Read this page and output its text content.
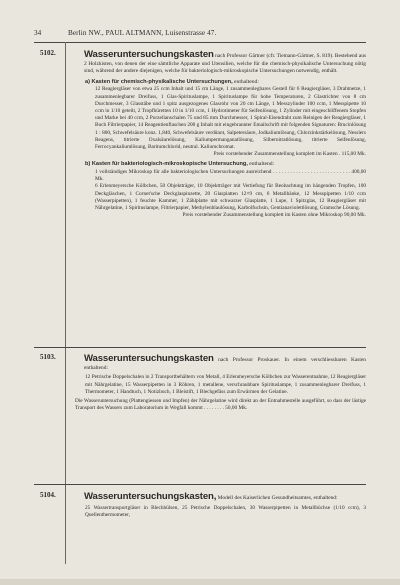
34	Berlin NW., PAUL ALTMANN, Luisenstrasse 47.
5102.	Wasseruntersuchungskasten nach Professor Gärtner (cfr. Tiemann-Gärtner, S. 819). Bestehend aus 2 Holzkisten, von denen der eine sämtliche Apparate und Utensilien, welche für die chemisch-physikalische Untersuchung nötig sind, während der andere diejenigen, welche für bakteriologisch-mikroskopische Untersuchungen notwendig, enthält.

a) Kasten für chemisch-physikalische Untersuchungen, enthaltend:

12 Reagiergläser von etwa 25 ccm Inhalt und 15 cm Länge, 1 zusammenlegbares Gestell für 6 Reagiergläser, 3 Drahtnetze, 1 zusammenlegbarer Dreifuss, 1 Glas-Spirituslampe, 1 Spirituslampe für hohe Temperaturen, 2 Glastrichter von 8 cm Durchmesser, 3 Glasstäbe und 1 spitz ausgezogenes Glasrohr von 20 cm Länge, 1 Messzylinder 100 ccm, 1 Messpipette 10 ccm in 1/10 geteilt, 2 Tropfbüretten 10 in 1/10 ccm, 1 Hydrotimeter für Seifenlösung, 1 Zylinder mit eingeschliffenem Stopfen und Marke bei 40 ccm, 2 Porzellanschalen 75 und 85 mm Durchmesser, 1 Spiral-Eisendraht zum Reinigen der Reagiergläser, 1 Buch Filtrierpapier, 14 Reagentienflaschen 200 g Inhalt mit eingebrannter Emailschrift mit folgenden Signaturen: Brucinlösung 1 : 800, Schwefelsäure konz. 1,840, Schwefelsäure verdünnt, Salpetersäure, Jodkaliumlösung, Chlorzinkstärkelösung, Nesslers Reagens, titrierte Oxalsäurelösung, Kaliumpermanganatlösung, Silbernitratlösung, titrierte Seifenlösung, Ferrocyankaliumlösung, Baritumchlorid, neutral. Kaliumchromat.

Preis vorstehender Zusammenstellung komplett im Kasten . 115,00 Mk.

b) Kasten für bakteriologisch-mikroskopische Untersuchung, enthaltend:

1 vollständiges Mikroskop für alle bakteriologischen Untersuchungen ausreichend . . . . . . . . . . . . . . . . . . . . . . . . . . . 400,00 Mk.

6 Erlenmeyersche Kölbchen, 50 Objektträger, 10 Objektträger mit Vertiefung für Beobachtung im hängenden Tropfen, 100 Deckgläschen, 1 Cornet'sche Deckglaspinzette, 20 Glasplatten 12×9 cm, 6 Metallbänke, 12 Messpipetten 1/10 ccm (Wasserpipetten), 1 feuchte Kammer, 1 Zählplatte mit schwarzer Glasplatte, 1 Lupe, 1 Spitzglas, 12 Reagiergläser mit Nährgelatine, 1 Spirituslampe, Filtrierpapier, Methylenblaulösung, Karbolfuchsin, Gentianaviolettlösung, Gramsche Lösung.

Preis vorstehender Zusammenstellung komplett im Kasten ohne Mikroskop 90,00 Mk.

5103.	Wasseruntersuchungskasten nach Professor Proskauer. In einem verschliessbaren Kasten enthaltend:

12 Petrische Doppelschalen in 2 Transportbehältern von Metall, 4 Erlenmeyersche Kölbchen zur Wasserentnahme, 12 Reagiergläser mit Nährgelatine, 15 Wasserpipetten in 3 Röhren, 1 metallene, verschraubbare Spirituslampe, 1 zusammenlegbarer Dreifuss, 1 Thermometer, 1 Handtuch, 1 Notizbuch, 1 Bleistift, 1 Blechgefäss zum Erwärmen der Gelatine.

Die Wasseruntersuchung (Plattengiessen und Impfen) der Nährgelatine wird direkt an der Entnahmestelle ausgeführt, so dass der lästige Transport des Wassers zum Laboratorium in Wegfall kommt . . . . . . . . 50,00 Mk.

5104.	Wasseruntersuchungskasten, Modell des Kaiserlichen Gesundheitsamtes, enthaltend:

25 Wassertransportgläser in Blechhülsen, 25 Petrische Doppelschalen, 30 Wasserpipetten in Metallbüchse (1/10 ccm), 3 Quellenthermometer,
